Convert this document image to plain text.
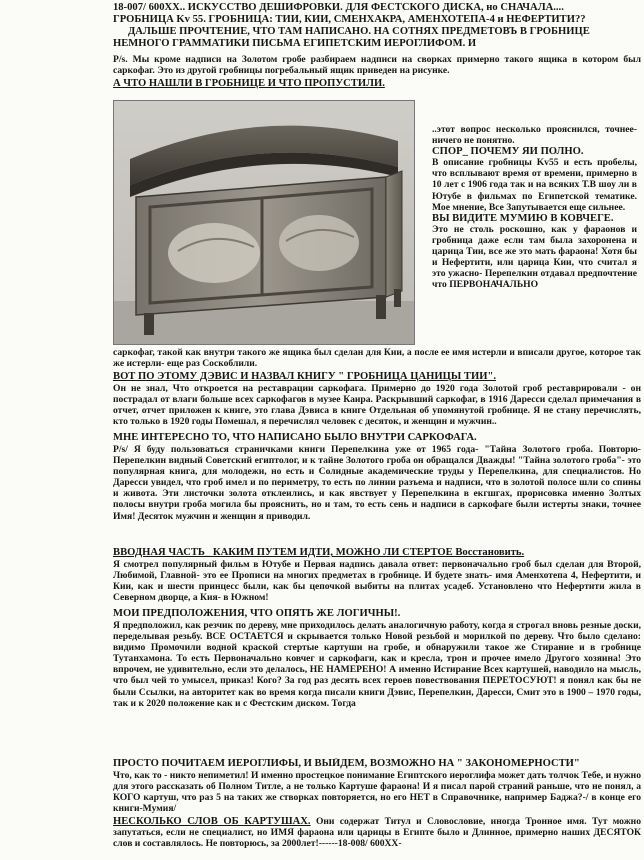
18-007/ 600XX.. ИСКУССТВО ДЕШИФРОВКИ. ДЛЯ ФЕСТСКОГО ДИСКА, но СНАЧАЛА....
ГРОБНИЦА Kv 55. ГРОБНИЦА: ТИИ, КИИ, СМЕНХАКРА, АМЕНХОТЕПА-4 и НЕФЕРТИТИ??
ДАЛЬШЕ ПРОЧТЕНИЕ, ЧТО ТАМ НАПИСАНО. НА СОТНЯХ ПРЕДМЕТОВЪ В ГРОБНИЦЕ
НЕМНОГО ГРАММАТИКИ ПИСЬМА ЕГИПЕТСКИМ ИЕРОГЛИФОМ. И
P/s. Мы кроме надписи на Золотом гробе разбираем надписи на сворках примерно такого ящика в котором был саркофаг. Это из другой гробницы погребальный ящик приведен на рисунке.
А ЧТО НАШЛИ В ГРОБНИЦЕ И ЧТО ПРОПУСТИЛИ.
..этот вопрос несколько прояснился, точнее- ничего не понятно.
СПОР_ ПОЧЕМУ ЯИ ПОЛНО.
В описание гробницы Kv55 и есть пробелы, что всплывают время от времени, примерно в 10 лет с 1906 года так и на всяких Т.В шоу ли в Ютубе в фильмах по Египетской тематике. Мое мнение, Все Запутывается еще сильнее.
ВЫ ВИДИТЕ МУМИЮ В КОВЧЕГЕ.
Это не столь роскошно, как у фараонов и гробница даже если там была захоронена и царица Тии, все же это мать фараона! Хотя бы и Нефертити, или царица Кии, что считал я это ужасно- Перепелкин отдавал предпочтение что ПЕРВОНАЧАЛЬНО
саркофаг, такой как внутри такого же ящика был сделан для Кии, а после ее имя истерли и вписали другое, которое так же истерли- еще раз Соскоблили.
ВОТ ПО ЭТОМУ ДЭВИС И НАЗВАЛ КНИГУ " ГРОБНИЦА ЦАНИЦЫ ТИИ".
Он не знал, Что откроется на реставрации саркофага. Примерно до 1920 года Золотой гроб реставрировали - он пострадал от влаги больше всех саркофагов в музее Каира. Раскрывший саркофаг, в 1916 Даресси сделал примечания в отчет, отчет приложен к книге, это глава Дэвиса в книге Отдельная об упомянутой гробнице. Я не стану перечислять, кто только в 1920 годы Помешал, я перечислял человек с десяток, и женщин и мужчин..
МНЕ ИНТЕРЕСНО ТО, ЧТО НАПИСАНО БЫЛО ВНУТРИ САРКОФАГА.
P/s/ Я буду пользоваться страничками книги Перепелкина уже от 1965 года- "Тайна Золотого гроба. Повторю- Перепелкин видный Советский египтолог, и к тайне Золотого гроба он обращался Дважды! "Тайна золотого гроба"- это популярная книга, для молодежи, но есть и Солидные академические труды у Перепелкина, для специалистов. Но Даресси увидел, что гроб имел и по периметру, то есть по линии разъема и надписи, что в золотой полосе шли со спины и живота. Эти листочки золота отклеились, и как явствует у Перепелкина в екгшгах, прорисовка именно Золтых полосы внутри гроба могила бы прояснить, но и там, то есть сень и надписи в саркофаге были истерты знаки, точнее Имя! Десяток мужчин и женщин я приводил.
ВВОДНАЯ ЧАСТЬ_ КАКИМ ПУТЕМ ИДТИ, МОЖНО ЛИ СТЕРТОЕ Восстановить.
Я смотрел популярный фильм в Ютубе и Первая надпись давала ответ: первоначально гроб был сделан для Второй, Любимой, Главной- это ее Прописи на многих предметах в гробнице. И будете знать- имя Аменхотепа 4, Нефертити, и Кии, как и шести принцесс были, как бы цепочкой выбиты на плитах усадеб. Установлено что Нефертити жила в Северном дворце, а Кия- в Южном!
МОИ ПРЕДПОЛОЖЕНИЯ, ЧТО ОПЯТЬ ЖЕ ЛОГИЧНЫ!.
Я предположил, как резчик по дереву, мне приходилось делать аналогичную работу, когда я строгал вновь резные доски, переделывая резьбу. ВСЕ ОСТАЕТСЯ и скрывается только Новой резьбой и морилкой по дереву. Что было сделано: видимо Промочили водной краской стертые картуши на гробе, и обнаружили такое же Стирание и в гробнице Тутанхамона. То есть Первоначально ковчег и саркофаги, как и кресла, трон и прочее имело Другого хозяина! Это впрочем, не удивительно, если это делалось, НЕ НАМЕРЕНО! А именно Истирание Всех картушей, наводило на мысль, что был чей то умысел, приказ! Кого? За год раз десять всех героев повествования ПЕРЕТОСУЮТ! я понял как бы не были Ссылки, на авторитет как во время когда писали книги Дэвис, Перепелкин, Даресси, Смит это в 1900 – 1970 годы, так и к 2020 положение как и с Фестским диском. Тогда
ПРОСТО ПОЧИТАЕМ ИЕРОГЛИФЫ, И ВЫЙДЕМ, ВОЗМОЖНО НА " ЗАКОНОМЕРНОСТИ"
Что, как то - никто непиметил! И именно простецкое понимание Египтского иероглифа может дать толчок Тебе, и нужно для этого рассказать об Полном Титле, а не только Картуше фараона! И я писал парой страний раньше, что не понял, а КОГО картуш, что раз 5 на таких же створках повторяется, но его НЕТ в Справочнике, например Баджа?-/ в конце его книги-Мумия/
НЕСКОЛЬКО СЛОВ ОБ КАРТУШАХ. Они содержат Титул и Словословие, иногда Тронное имя. Тут можно запутаться, если не специалист, но ИМЯ фараона или царицы в Египте было и Длинное, примерно наших ДЕСЯТОК слов и составлялось. Не повторюсь, за 2000лет!------18-008/ 600XX-
